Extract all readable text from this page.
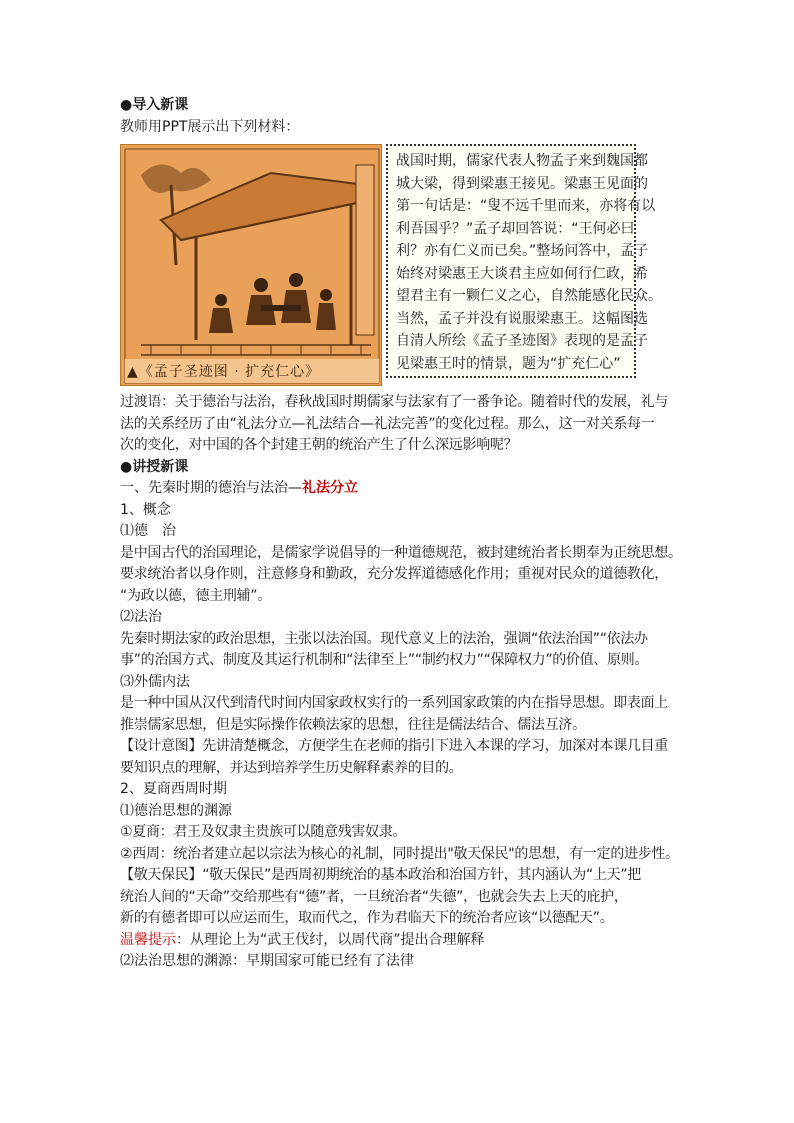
●导入新课
教师用PPT展示出下列材料：
▲《孟子圣迹图 · 扩充仁心》
战国时期，儒家代表人物孟子来到魏国都
城大梁，得到梁惠王接见。梁惠王见面的
第一句话是：“叟不远千里而来，亦将有以
利吾国乎？”孟子却回答说：“王何必曰
利？亦有仁义而已矣。”整场问答中，孟子
始终对梁惠王大谈君主应如何行仁政，希
望君主有一颗仁义之心，自然能感化民众。
当然，孟子并没有说服梁惠王。这幅图选
自清人所绘《孟子圣迹图》表现的是孟子
见梁惠王时的情景，题为“扩充仁心”
过渡语：关于德治与法治，春秋战国时期儒家与法家有了一番争论。随着时代的发展，礼与
法的关系经历了由“礼法分立—礼法结合—礼法完善”的变化过程。那么，这一对关系每一
次的变化，对中国的各个封建王朝的统治产生了什么深远影响呢？
●讲授新课
一、先秦时期的德治与法治—礼法分立
1、概念
⑴德　治
是中国古代的治国理论，是儒家学说倡导的一种道德规范，被封建统治者长期奉为正统思想。
要求统治者以身作则，注意修身和勤政，充分发挥道德感化作用；重视对民众的道德教化，
“为政以德，德主刑辅”。
⑵法治
先秦时期法家的政治思想，主张以法治国。现代意义上的法治，强调“依法治国”“依法办
事”的治国方式、制度及其运行机制和“法律至上”“制约权力”“保障权力”的价值、原则。
⑶外儒内法
是一种中国从汉代到清代时间内国家政权实行的一系列国家政策的内在指导思想。即表面上
推崇儒家思想，但是实际操作依赖法家的思想，往往是儒法结合、儒法互济。
【设计意图】先讲清楚概念，方便学生在老师的指引下进入本课的学习，加深对本课几目重
要知识点的理解，并达到培养学生历史解释素养的目的。
2、夏商西周时期
⑴德治思想的渊源
①夏商：君王及奴隶主贵族可以随意残害奴隶。
②西周：统治者建立起以宗法为核心的礼制，同时提出"敬天保民"的思想，有一定的进步性。
【敬天保民】“敬天保民”是西周初期统治的基本政治和治国方针，其内涵认为“上天”把
统治人间的“天命”交给那些有“德”者，一旦统治者“失德”，也就会失去上天的庇护，
新的有德者即可以应运而生，取而代之，作为君临天下的统治者应该“以德配天”。
温馨提示：从理论上为“武王伐纣，以周代商”提出合理解释
⑵法治思想的渊源：早期国家可能已经有了法律
